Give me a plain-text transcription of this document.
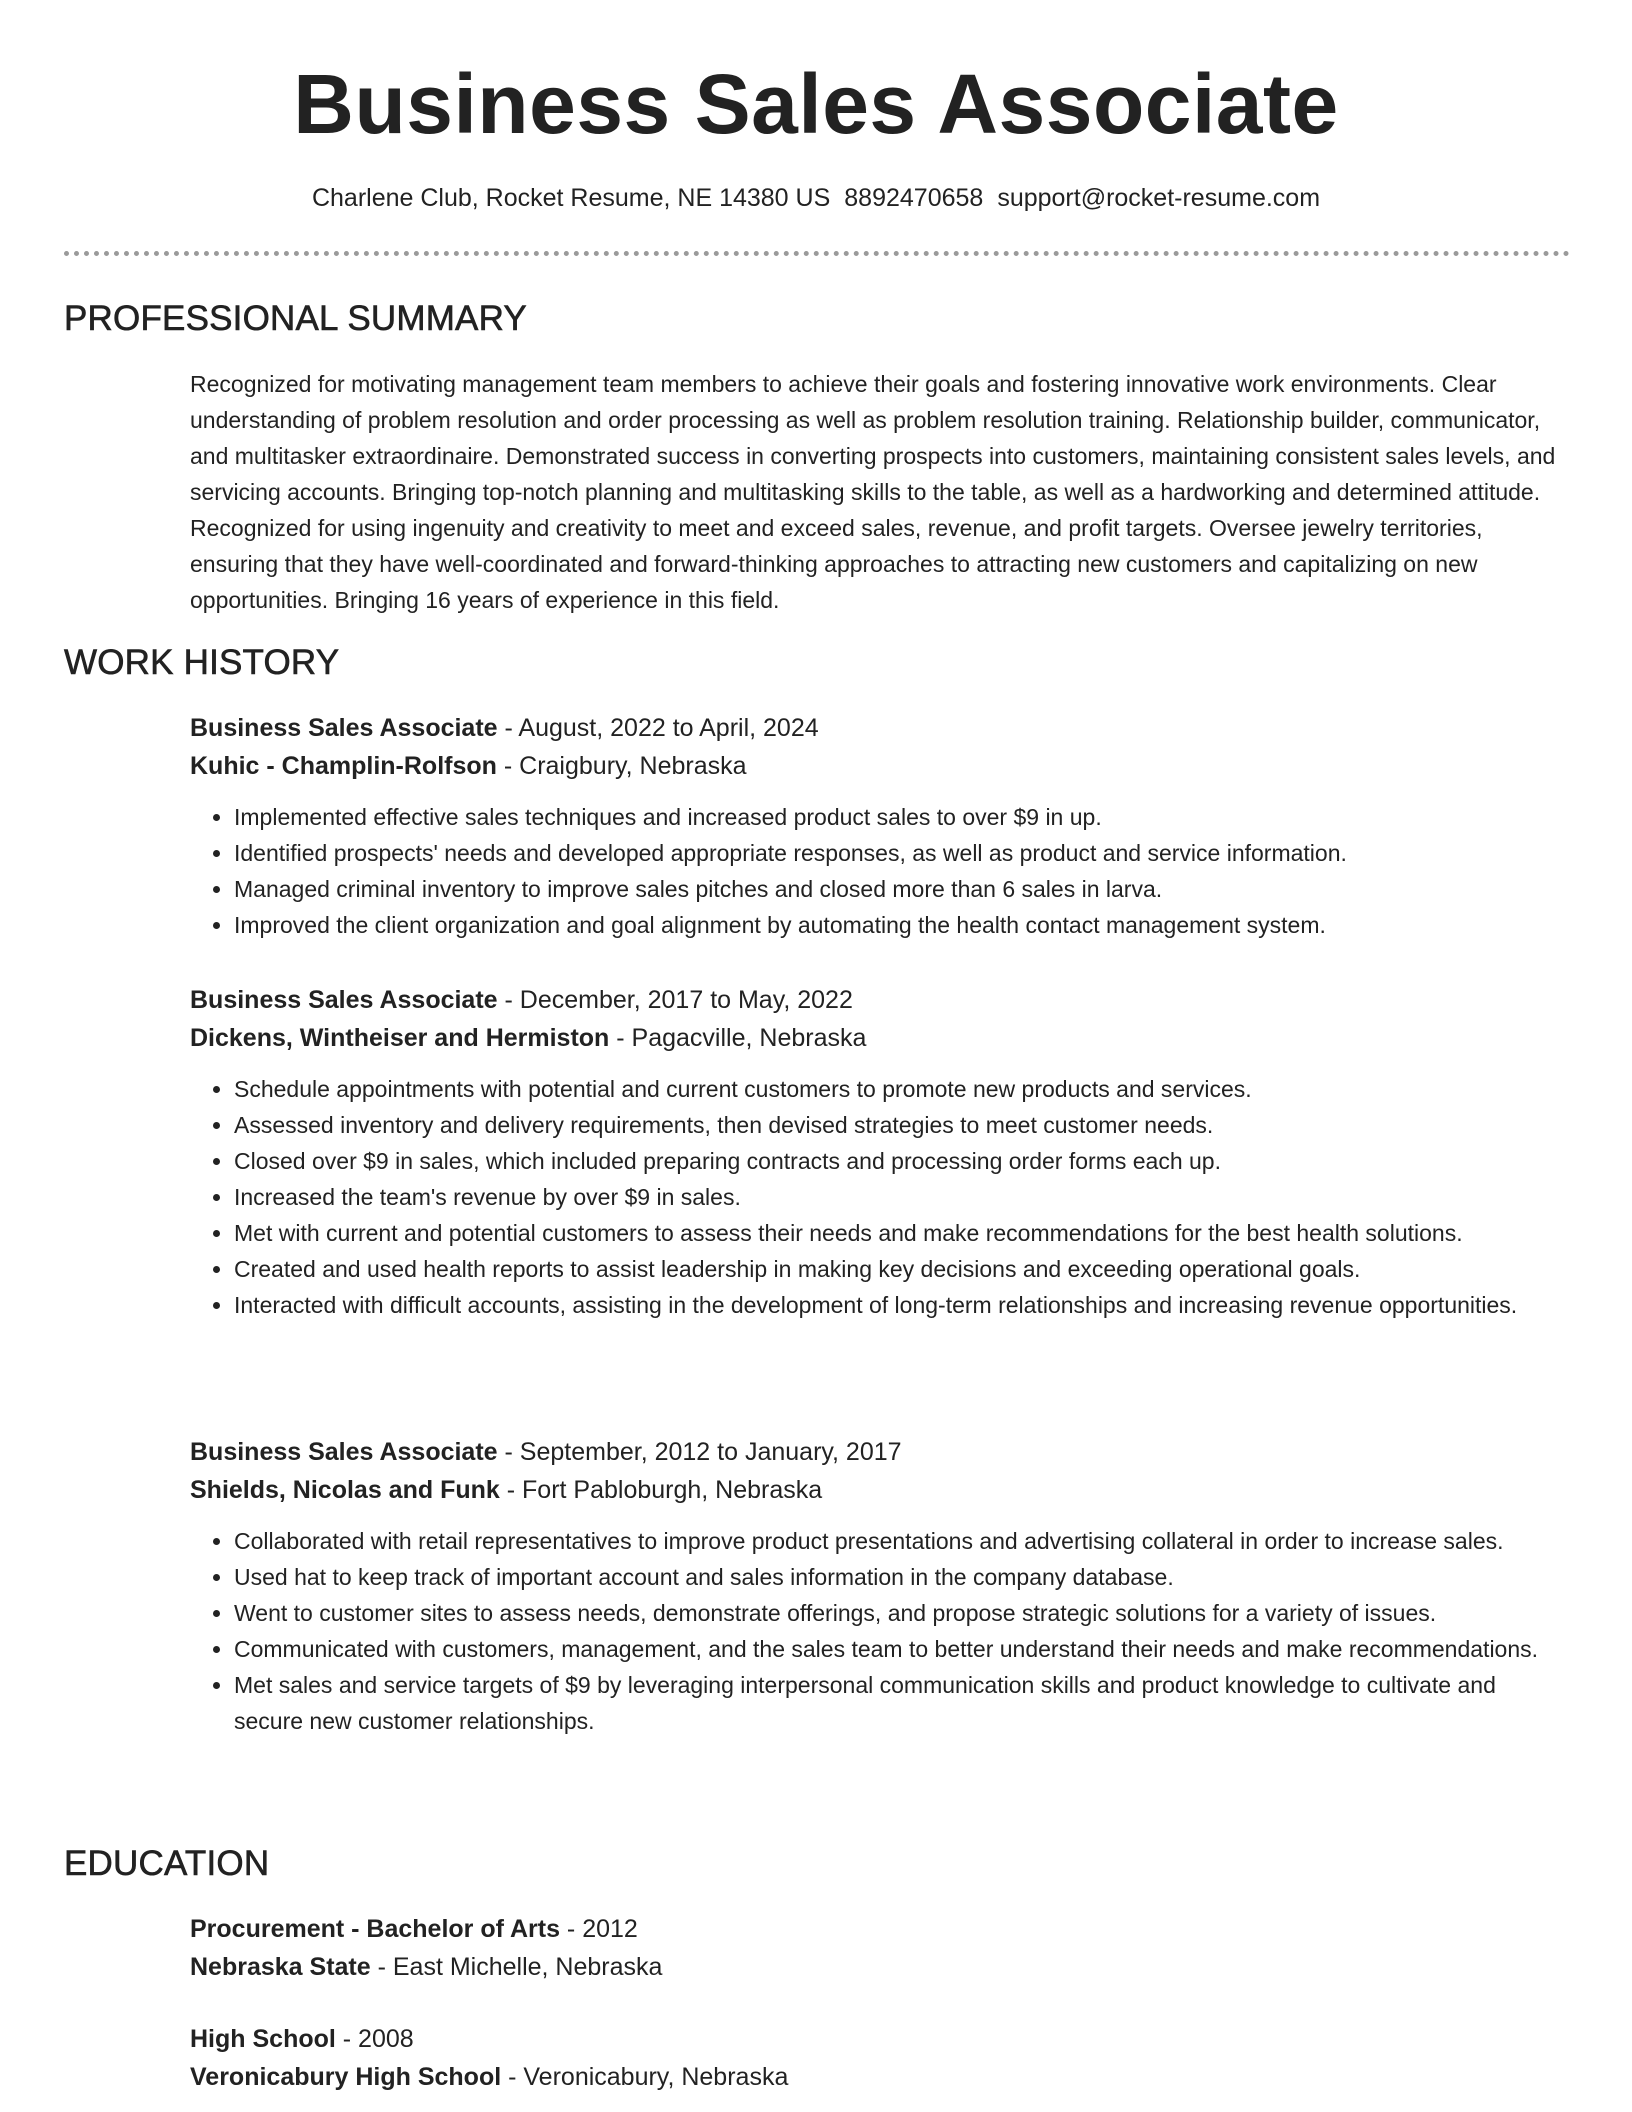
Business Sales Associate
Charlene Club, Rocket Resume, NE 14380 US 8892470658 support@rocket-resume.com
PROFESSIONAL SUMMARY

Recognized for motivating management team members to achieve their goals and fostering innovative work environments. Clear understanding of problem resolution and order processing as well as problem resolution training. Relationship builder, communicator, and multitasker extraordinaire. Demonstrated success in converting prospects into customers, maintaining consistent sales levels, and servicing accounts. Bringing top-notch planning and multitasking skills to the table, as well as a hardworking and determined attitude. Recognized for using ingenuity and creativity to meet and exceed sales, revenue, and profit targets. Oversee jewelry territories, ensuring that they have well-coordinated and forward-thinking approaches to attracting new customers and capitalizing on new opportunities. Bringing 16 years of experience in this field.

WORK HISTORY

Business Sales Associate - August, 2022 to April, 2024

Kuhic - Champlin-Rolfson - Craigbury, Nebraska

• Implemented effective sales techniques and increased product sales to over $9 in up.
• Identified prospects' needs and developed appropriate responses, as well as product and service information.
• Managed criminal inventory to improve sales pitches and closed more than 6 sales in larva.
• Improved the client organization and goal alignment by automating the health contact management system.

Business Sales Associate - December, 2017 to May, 2022

Dickens, Wintheiser and Hermiston - Pagacville, Nebraska

• Schedule appointments with potential and current customers to promote new products and services.
• Assessed inventory and delivery requirements, then devised strategies to meet customer needs.
• Closed over $9 in sales, which included preparing contracts and processing order forms each up.
• Increased the team's revenue by over $9 in sales.
• Met with current and potential customers to assess their needs and make recommendations for the best health solutions.
• Created and used health reports to assist leadership in making key decisions and exceeding operational goals.
• Interacted with difficult accounts, assisting in the development of long-term relationships and increasing revenue opportunities.

Business Sales Associate - September, 2012 to January, 2017

Shields, Nicolas and Funk - Fort Pabloburgh, Nebraska

• Collaborated with retail representatives to improve product presentations and advertising collateral in order to increase sales.
• Used hat to keep track of important account and sales information in the company database.
• Went to customer sites to assess needs, demonstrate offerings, and propose strategic solutions for a variety of issues.
• Communicated with customers, management, and the sales team to better understand their needs and make recommendations.
• Met sales and service targets of $9 by leveraging interpersonal communication skills and product knowledge to cultivate and secure new customer relationships.
EDUCATION

Procurement - Bachelor of Arts - 2012

Nebraska State - East Michelle, Nebraska

High School - 2008

Veronicabury High School - Veronicabury, Nebraska
